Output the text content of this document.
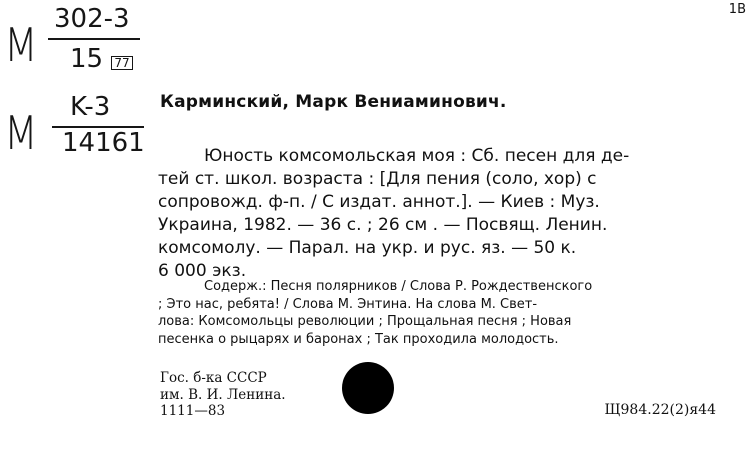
M 302-3
15 77
M K-3
14161
1B
Карминский, Марк Вениаминович.
Юность комсомольская моя : Сб. песен для де-
тей ст. школ. возраста : [Для пения (соло, хор) с
сопровожд. ф-п. / С издат. аннот.]. — Киев : Муз.
Украина, 1982. — 36 с. ; 26 см . — Посвящ. Ленин.
комсомолу. — Парал. на укр. и рус. яз. — 50 к.
6 000 экз.
Содерж.: Песня полярников / Слова Р. Рождественского
; Это нас, ребята! / Слова М. Энтина. На слова М. Свет-
лова: Комсомольцы революции ; Прощальная песня ; Новая
песенка о рыцарях и баронах ; Так проходила молодость.
Гос. б-ка СССР
им. В. И. Ленина.
1111—83	Щ984.22(2)я44
